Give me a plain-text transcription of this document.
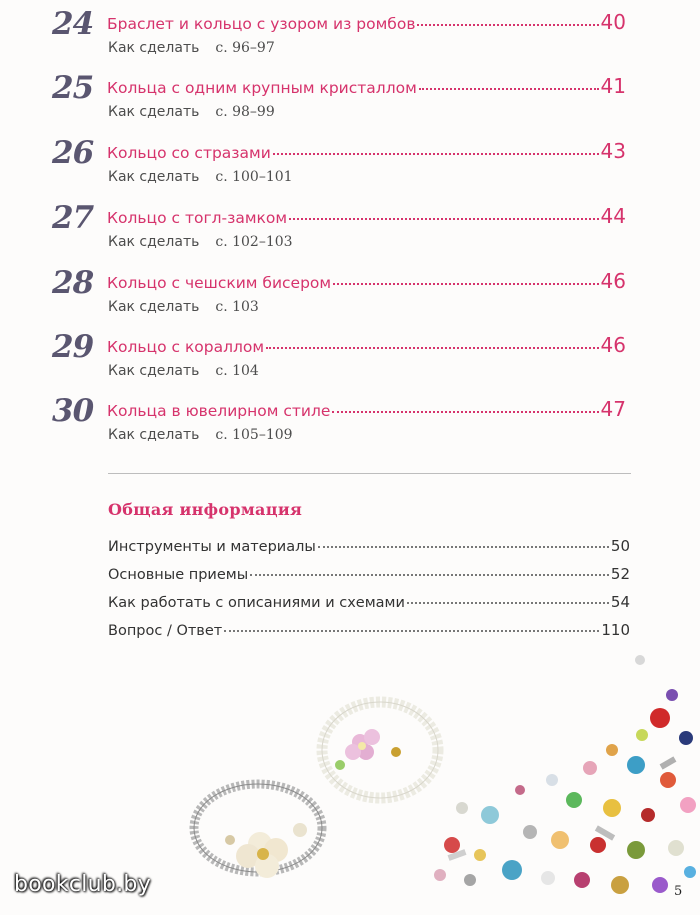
24 Браслет и кольцо с узором из ромбов	40
Как сделать с. 96–97
25 Кольца с одним крупным кристаллом	41
Как сделать с. 98–99
26 Кольцо со стразами	43
Как сделать с. 100–101
27 Кольцо с тогл-замком	44
Как сделать с. 102–103
28 Кольцо с чешским бисером	46
Как сделать с. 103
29 Кольцо с кораллом	46
Как сделать с. 104
30 Кольца в ювелирном стиле	47
Как сделать с. 105–109
Общая информация
Инструменты и материалы	50
Основные приемы	52
Как работать с описаниями и схемами	54
Вопрос / Ответ	110
bookclub.by	5
